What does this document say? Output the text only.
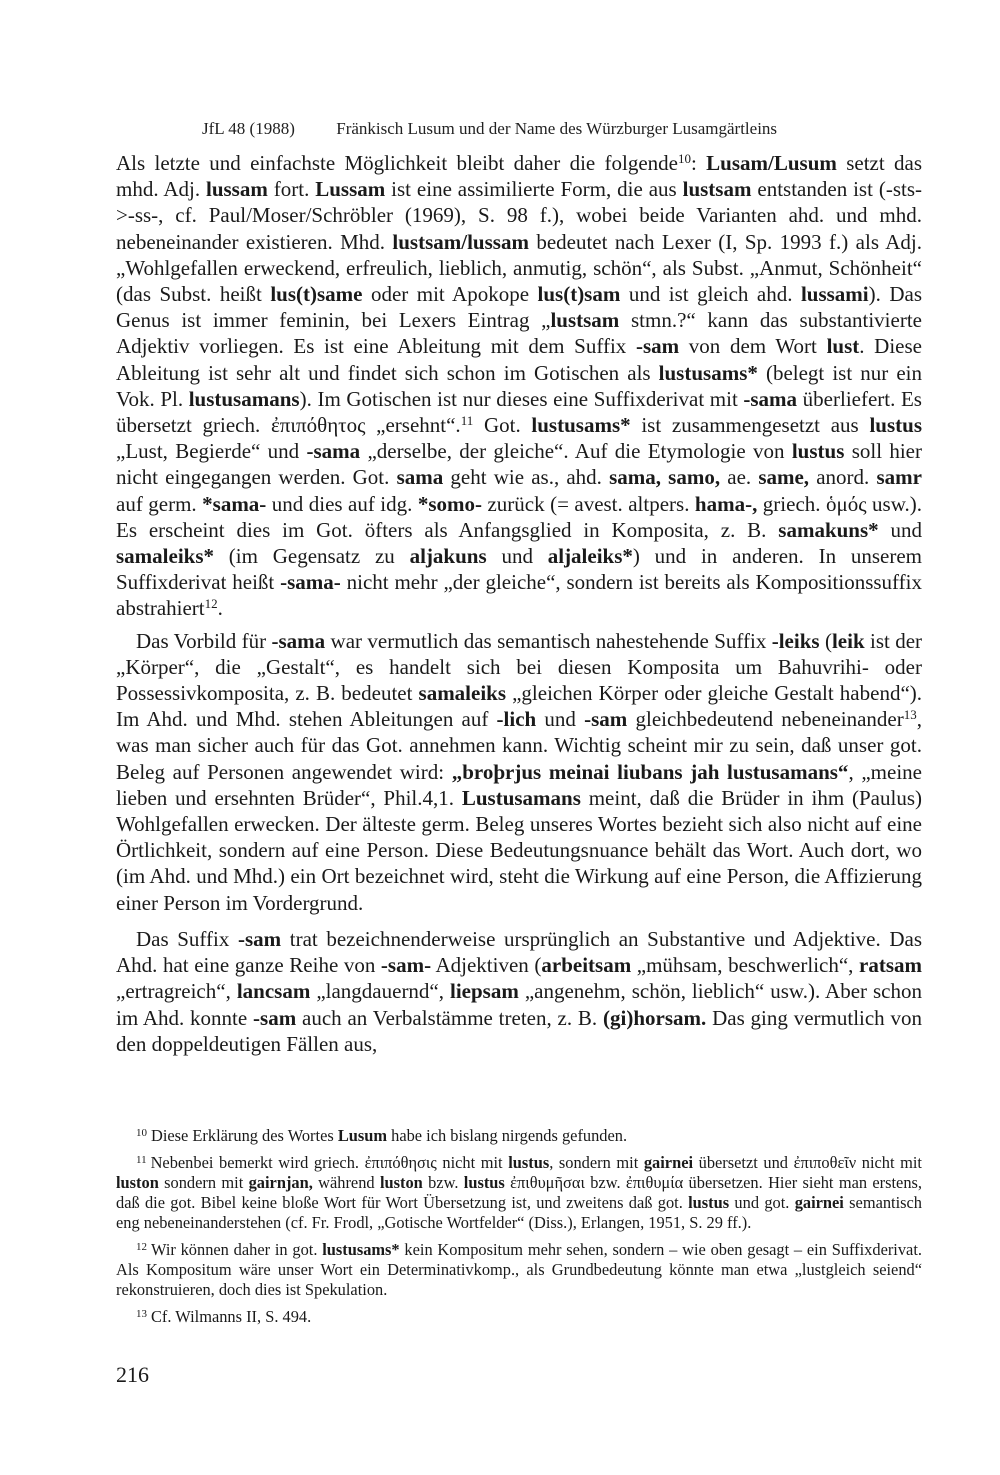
JfL 48 (1988) Fränkisch Lusum und der Name des Würzburger Lusamgärtleins

Als letzte und einfachste Möglichkeit bleibt daher die folgende$^{10}$: Lusam/Lusum setzt das mhd. Adj. lussam fort. Lussam ist eine assimilierte Form, die aus lustsam entstanden ist (-sts->-ss-, cf. Paul/Moser/Schröbler (1969), S. 98 f.), wobei beide Varianten ahd. und mhd. nebeneinander existieren. Mhd. lustsam/lussam bedeutet nach Lexer (I, Sp. 1993 f.) als Adj. „Wohlgefallen erweckend, erfreulich, lieblich, anmutig, schön“, als Subst. „Anmut, Schönheit“ (das Subst. heißt lus(t)same oder mit Apokope lus(t)sam und ist gleich ahd. lussami). Das Genus ist immer feminin, bei Lexers Eintrag „lustsam stmn.?“ kann das substantivierte Adjektiv vorliegen. Es ist eine Ableitung mit dem Suffix -sam von dem Wort lust. Diese Ableitung ist sehr alt und findet sich schon im Gotischen als lustusams* (belegt ist nur ein Vok. Pl. lustusamans). Im Gotischen ist nur dieses eine Suffixderivat mit -sama überliefert. Es übersetzt griech. ἐπιπόθητος „ersehnt“.$^{11}$ Got. lustusams* ist zusammengesetzt aus lustus „Lust, Begierde“ und -sama „derselbe, der gleiche“. Auf die Etymologie von lustus soll hier nicht eingegangen werden. Got. sama geht wie as., ahd. sama, samo, ae. same, anord. samr auf germ. *sama- und dies auf idg. *somo- zurück (= avest. altpers. hama-, griech. ὁμός usw.). Es erscheint dies im Got. öfters als Anfangsglied in Komposita, z. B. samakuns* und samaleiks* (im Gegensatz zu aljakuns und aljaleiks*) und in anderen. In unserem Suffixderivat heißt -sama- nicht mehr „der gleiche“, sondern ist bereits als Kompositionssuffix abstrahiert$^{12}$.

Das Vorbild für -sama war vermutlich das semantisch nahestehende Suffix -leiks (leik ist der „Körper“, die „Gestalt“, es handelt sich bei diesen Komposita um Bahuvrihi- oder Possessivkomposita, z. B. bedeutet samaleiks „gleichen Körper oder gleiche Gestalt habend“). Im Ahd. und Mhd. stehen Ableitungen auf -lich und -sam gleichbedeutend nebeneinander$^{13}$, was man sicher auch für das Got. annehmen kann. Wichtig scheint mir zu sein, daß unser got. Beleg auf Personen angewendet wird: „broþrjus meinai liubans jah lustusamans“, „meine lieben und ersehnten Brüder“, Phil.4,1. Lustusamans meint, daß die Brüder in ihm (Paulus) Wohlgefallen erwecken. Der älteste germ. Beleg unseres Wortes bezieht sich also nicht auf eine Örtlichkeit, sondern auf eine Person. Diese Bedeutungsnuance behält das Wort. Auch dort, wo (im Ahd. und Mhd.) ein Ort bezeichnet wird, steht die Wirkung auf eine Person, die Affizierung einer Person im Vordergrund.

Das Suffix -sam trat bezeichnenderweise ursprünglich an Substantive und Adjektive. Das Ahd. hat eine ganze Reihe von -sam- Adjektiven (arbeitsam „mühsam, beschwerlich“, ratsam „ertragreich“, lancsam „langdauernd“, liepsam „angenehm, schön, lieblich“ usw.). Aber schon im Ahd. konnte -sam auch an Verbalstämme treten, z. B. (gi)horsam. Das ging vermutlich von den doppeldeutigen Fällen aus,

$^{10}$ Diese Erklärung des Wortes Lusum habe ich bislang nirgends gefunden.

$^{11}$ Nebenbei bemerkt wird griech. ἐπιπόθησις nicht mit lustus, sondern mit gairnei übersetzt und ἐπιποθεῖν nicht mit luston sondern mit gairnjan, während luston bzw. lustus ἐπιθυμῆσαι bzw. ἐπιθυμία übersetzen. Hier sieht man erstens, daß die got. Bibel keine bloße Wort für Wort Übersetzung ist, und zweitens daß got. lustus und got. gairnei semantisch eng nebeneinanderstehen (cf. Fr. Frodl, „Gotische Wortfelder“ (Diss.), Erlangen, 1951, S. 29 ff.).

$^{12}$ Wir können daher in got. lustusams* kein Kompositum mehr sehen, sondern – wie oben gesagt – ein Suffixderivat. Als Kompositum wäre unser Wort ein Determinativkomp., als Grundbedeutung könnte man etwa „lustgleich seiend“ rekonstruieren, doch dies ist Spekulation.

$^{13}$ Cf. Wilmanns II, S. 494.

216
